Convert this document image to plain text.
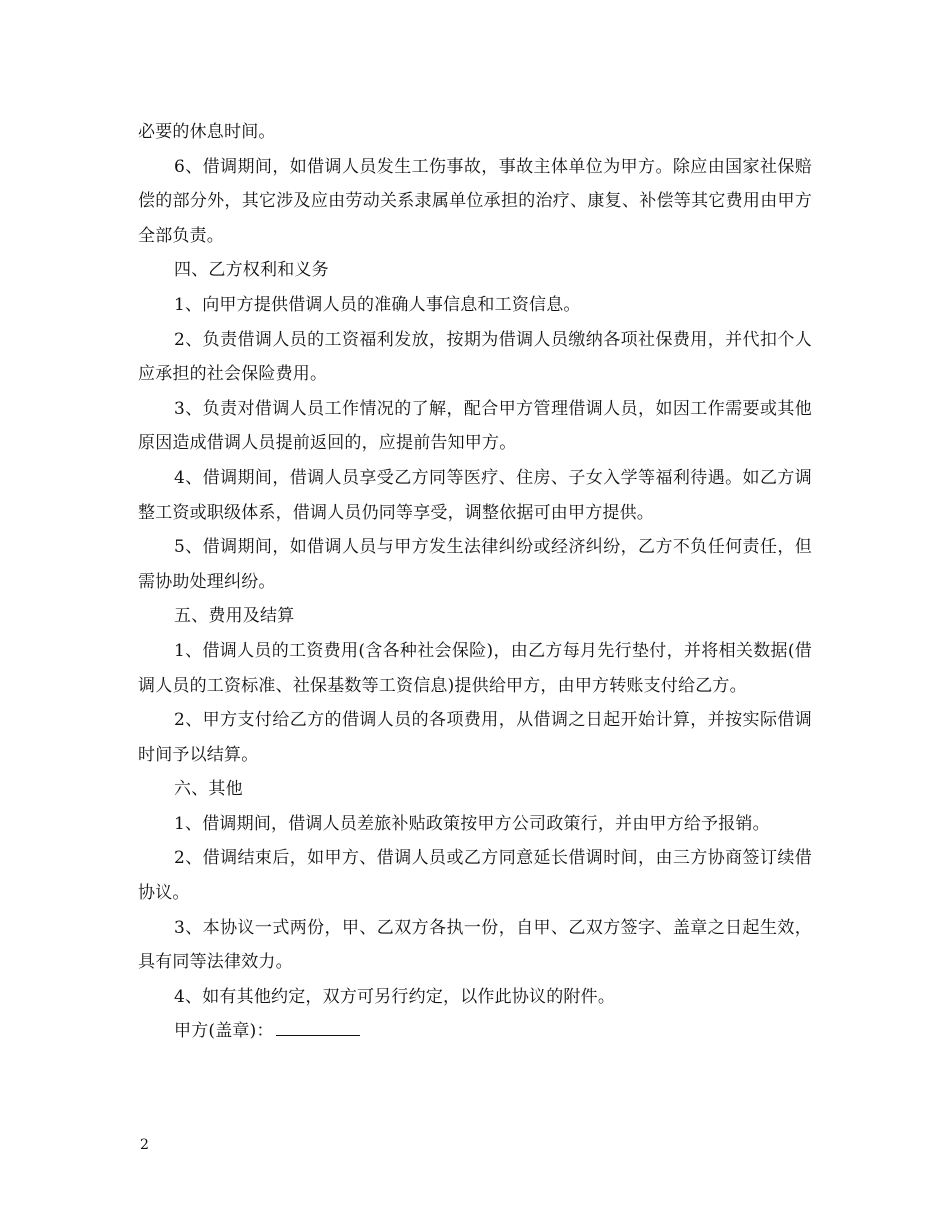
必要的休息时间。

6、借调期间，如借调人员发生工伤事故，事故主体单位为甲方。除应由国家社保赔偿的部分外，其它涉及应由劳动关系隶属单位承担的治疗、康复、补偿等其它费用由甲方全部负责。

四、乙方权利和义务

1、向甲方提供借调人员的准确人事信息和工资信息。

2、负责借调人员的工资福利发放，按期为借调人员缴纳各项社保费用，并代扣个人应承担的社会保险费用。

3、负责对借调人员工作情况的了解，配合甲方管理借调人员，如因工作需要或其他原因造成借调人员提前返回的，应提前告知甲方。

4、借调期间，借调人员享受乙方同等医疗、住房、子女入学等福利待遇。如乙方调整工资或职级体系，借调人员仍同等享受，调整依据可由甲方提供。

5、借调期间，如借调人员与甲方发生法律纠纷或经济纠纷，乙方不负任何责任，但需协助处理纠纷。

五、费用及结算

1、借调人员的工资费用(含各种社会保险)，由乙方每月先行垫付，并将相关数据(借调人员的工资标准、社保基数等工资信息)提供给甲方，由甲方转账支付给乙方。

2、甲方支付给乙方的借调人员的各项费用，从借调之日起开始计算，并按实际借调时间予以结算。

六、其他

1、借调期间，借调人员差旅补贴政策按甲方公司政策行，并由甲方给予报销。

2、借调结束后，如甲方、借调人员或乙方同意延长借调时间，由三方协商签订续借协议。

3、本协议一式两份，甲、乙双方各执一份，自甲、乙双方签字、盖章之日起生效，具有同等法律效力。

4、如有其他约定，双方可另行约定，以作此协议的附件。

甲方(盖章)：

2
